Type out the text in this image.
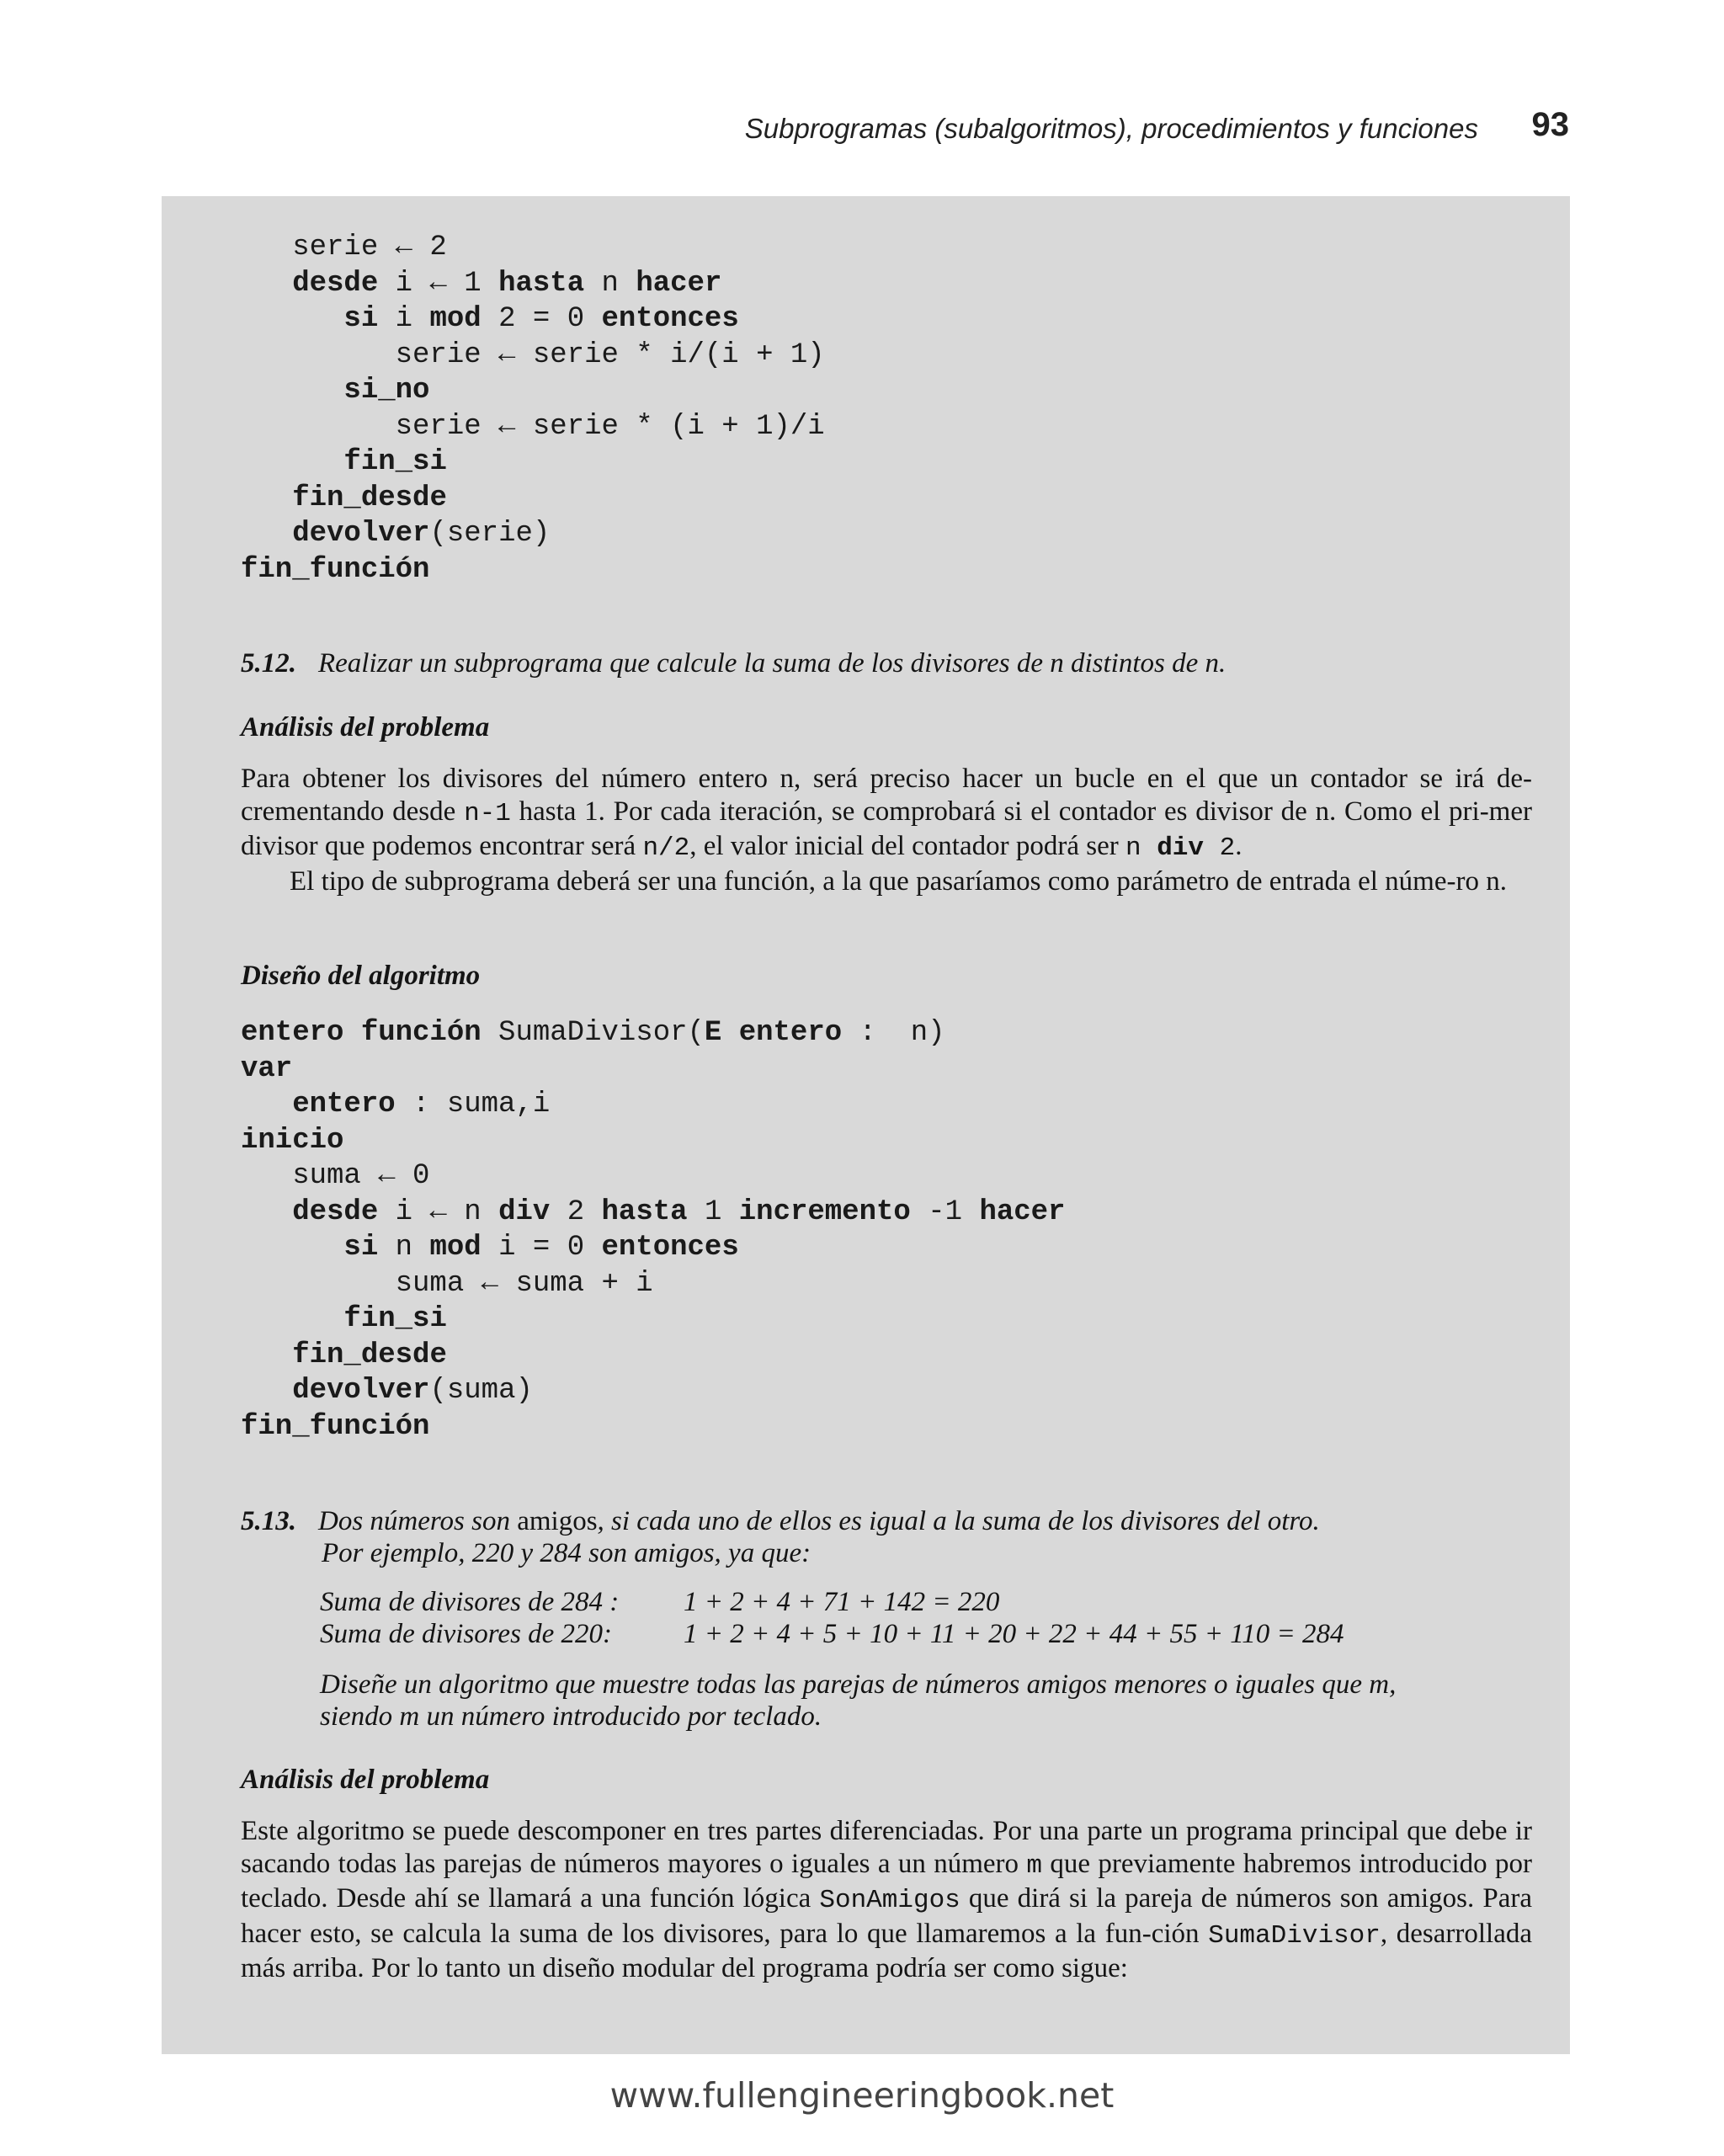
Subprogramas (subalgoritmos), procedimientos y funciones 93
serie ← 2
desde i ← 1 hasta n hacer
si i mod 2 = 0 entonces
serie ← serie * i/(i + 1)
si_no
serie ← serie * (i + 1)/i
fin_si
fin_desde
devolver(serie)
fin_función
5.12. Realizar un subprograma que calcule la suma de los divisores de n distintos de n.
Análisis del problema
Para obtener los divisores del número entero n, será preciso hacer un bucle en el que un contador se irá de-crementando desde n-1 hasta 1. Por cada iteración, se comprobará si el contador es divisor de n. Como el pri-mer divisor que podemos encontrar será n/2, el valor inicial del contador podrá ser n div 2.
El tipo de subprograma deberá ser una función, a la que pasaríamos como parámetro de entrada el núme-ro n.
Diseño del algoritmo
entero función SumaDivisor(E entero :  n)
var
entero : suma,i
inicio
suma ← 0
desde i ← n div 2 hasta 1 incremento -1 hacer
si n mod i = 0 entonces
suma ← suma + i
fin_si
fin_desde
devolver(suma)
fin_función
5.13. Dos números son amigos, si cada uno de ellos es igual a la suma de los divisores del otro.
Por ejemplo, 220 y 284 son amigos, ya que:
Suma de divisores de 284 : 1 + 2 + 4 + 71 + 142 = 220
Suma de divisores de 220:	1 + 2 + 4 + 5 + 10 + 11 + 20 + 22 + 44 + 55 + 110 = 284
Diseñe un algoritmo que muestre todas las parejas de números amigos menores o iguales que m,
siendo m un número introducido por teclado.
Análisis del problema
Este algoritmo se puede descomponer en tres partes diferenciadas. Por una parte un programa principal que debe ir sacando todas las parejas de números mayores o iguales a un número m que previamente habremos introducido por teclado. Desde ahí se llamará a una función lógica SonAmigos que dirá si la pareja de números son amigos. Para hacer esto, se calcula la suma de los divisores, para lo que llamaremos a la fun-ción SumaDivisor, desarrollada más arriba. Por lo tanto un diseño modular del programa podría ser como sigue:
www.fullengineeringbook.net
